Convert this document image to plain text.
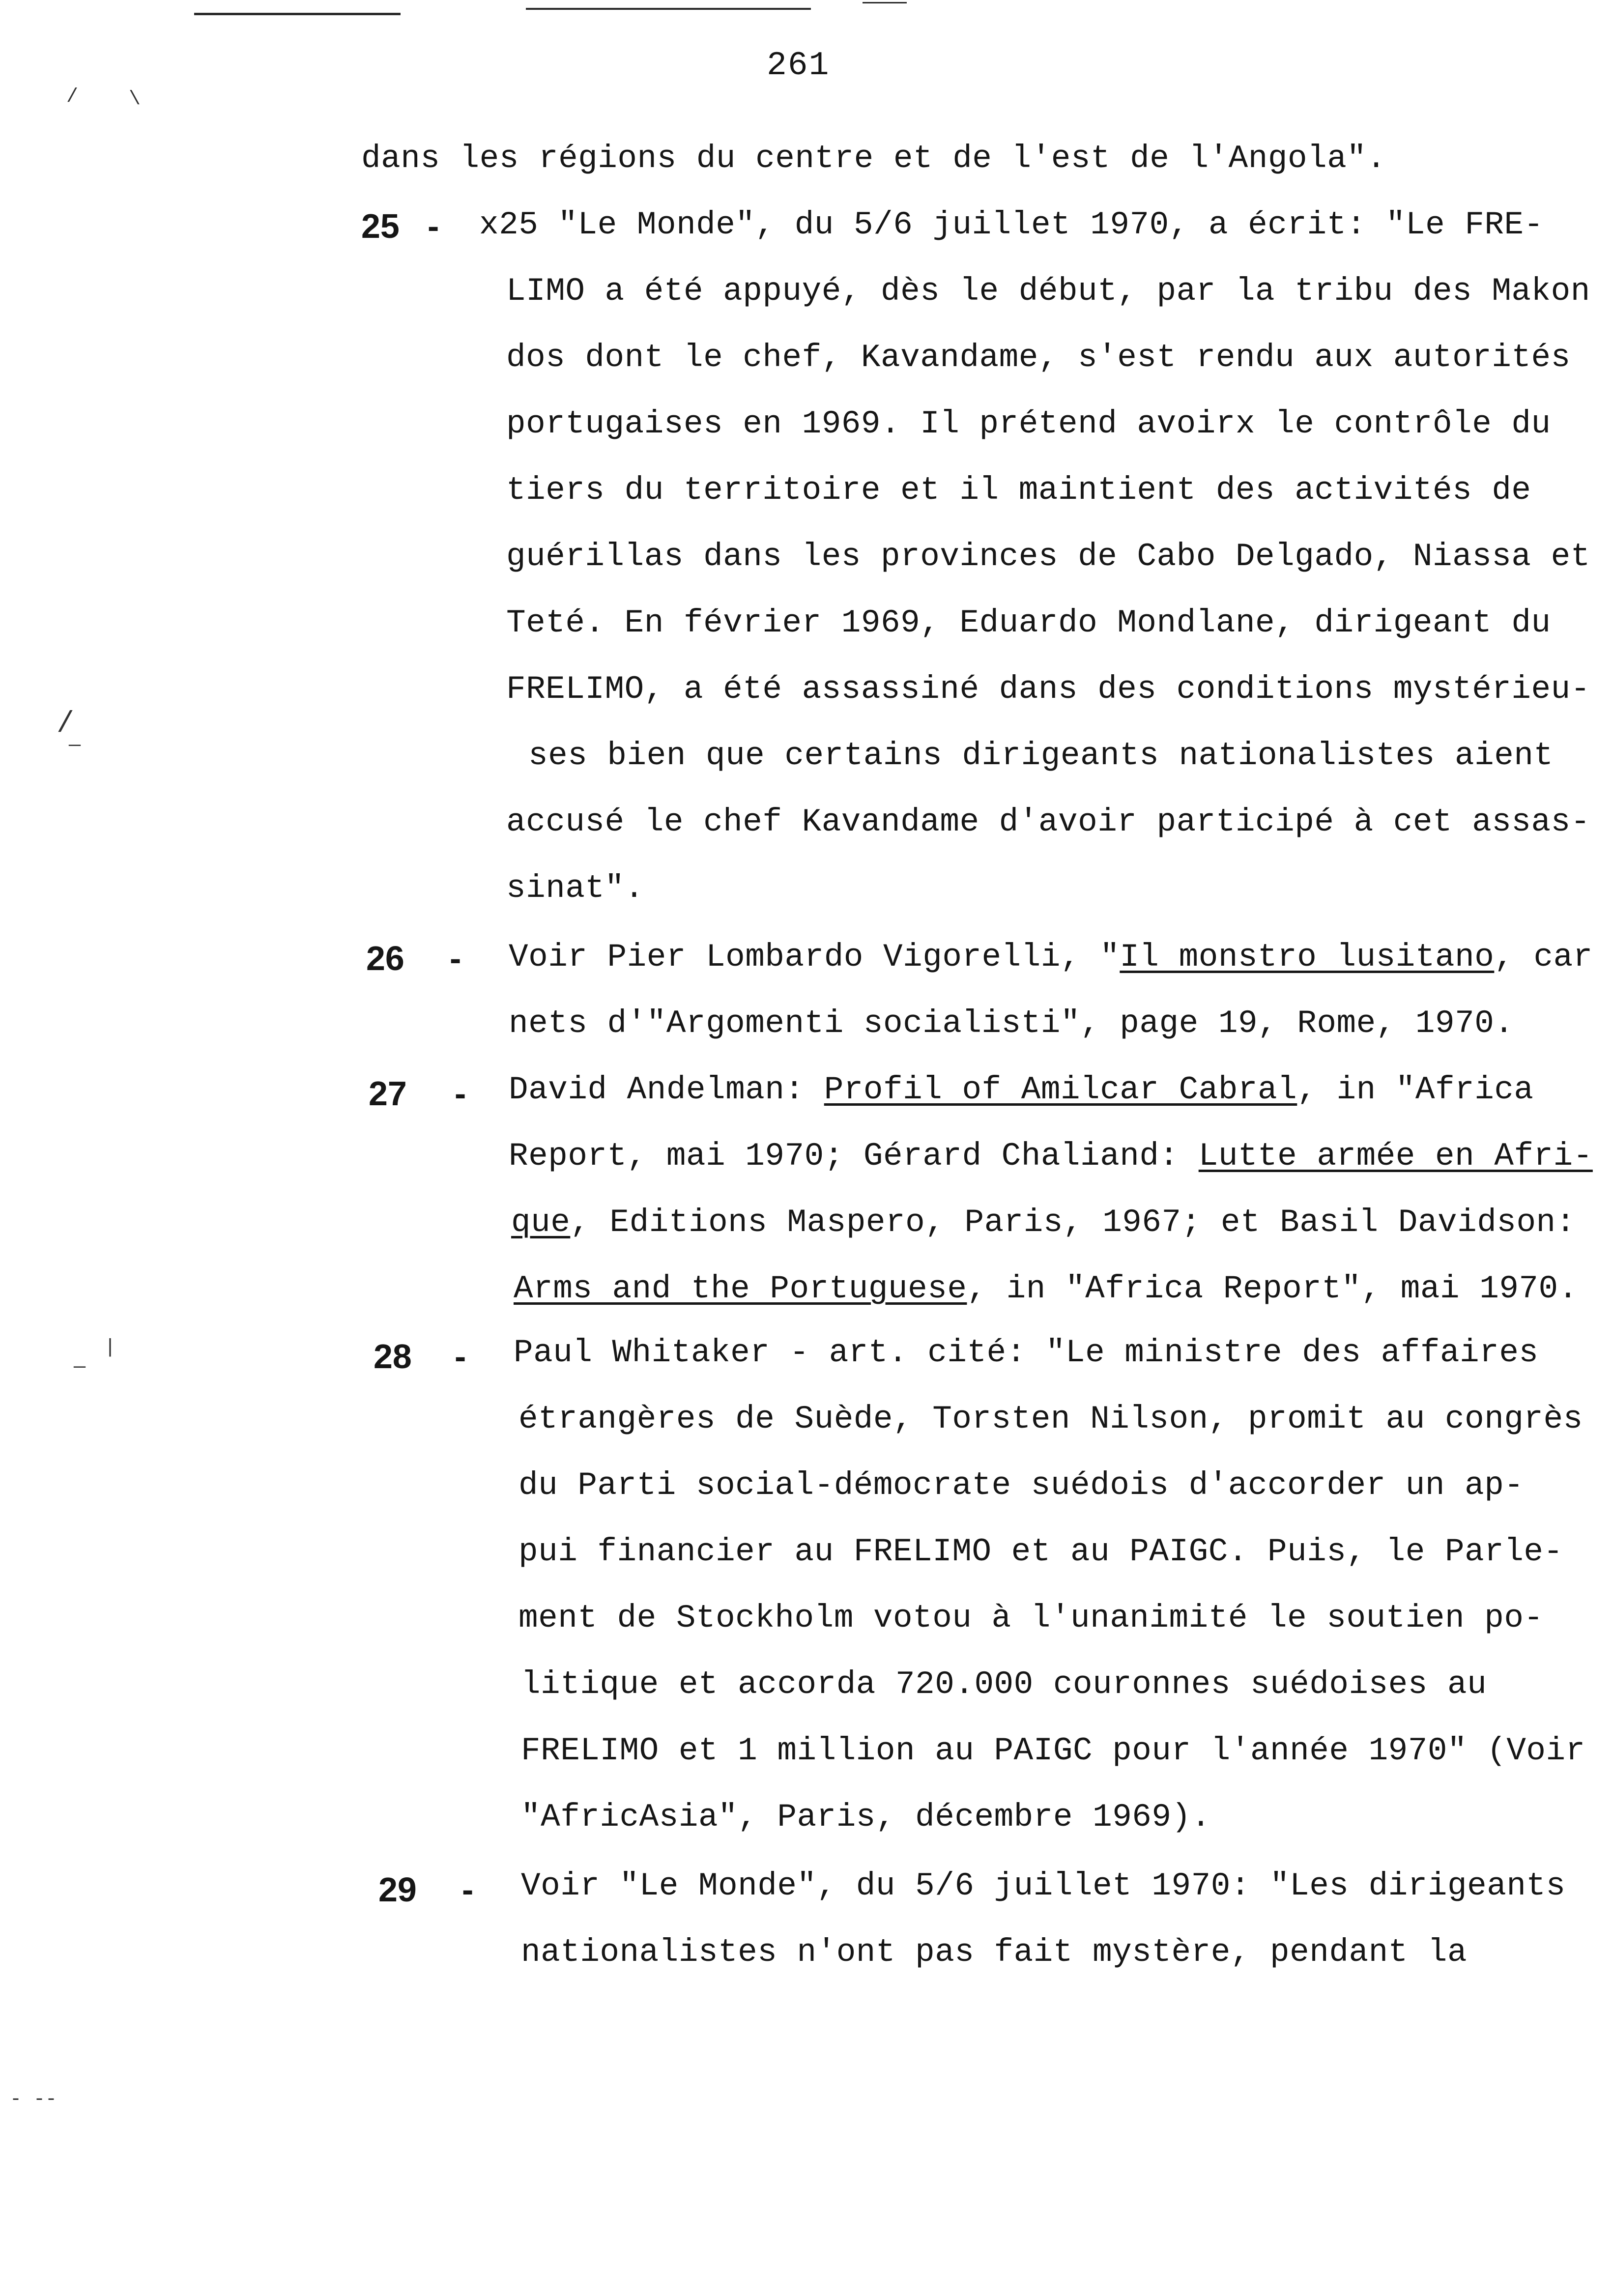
261
/	\
/
—
|
—
- --
dans les régions du centre et de l'est de l'Angola".
25 - x25 "Le Monde", du 5/6 juillet 1970, a écrit: "Le FRE-
LIMO a été appuyé, dès le début, par la tribu des Makon
dos dont le chef, Kavandame, s'est rendu aux autorités
portugaises en 1969. Il prétend avoirx le contrôle du
tiers du territoire et il maintient des activités de
guérillas dans les provinces de Cabo Delgado, Niassa et
Teté. En février 1969, Eduardo Mondlane, dirigeant du
FRELIMO, a été assassiné dans des conditions mystérieu-
ses bien que certains dirigeants nationalistes aient
accusé le chef Kavandame d'avoir participé à cet assas-
sinat".
26 - Voir Pier Lombardo Vigorelli, "Il monstro lusitano, car
nets d'"Argomenti socialisti", page 19, Rome, 1970.
27 - David Andelman: Profil of Amilcar Cabral, in "Africa
Report, mai 1970; Gérard Chaliand: Lutte armée en Afri-
que, Editions Maspero, Paris, 1967; et Basil Davidson:
Arms and the Portuguese, in "Africa Report", mai 1970.
28 - Paul Whitaker - art. cité: "Le ministre des affaires
étrangères de Suède, Torsten Nilson, promit au congrès
du Parti social-démocrate suédois d'accorder un ap-
pui financier au FRELIMO et au PAIGC. Puis, le Parle-
ment de Stockholm votou à l'unanimité le soutien po-
litique et accorda 720.000 couronnes suédoises au
FRELIMO et 1 million au PAIGC pour l'année 1970" (Voir
"AfricAsia", Paris, décembre 1969).
29 - Voir "Le Monde", du 5/6 juillet 1970: "Les dirigeants
nationalistes n'ont pas fait mystère, pendant la
